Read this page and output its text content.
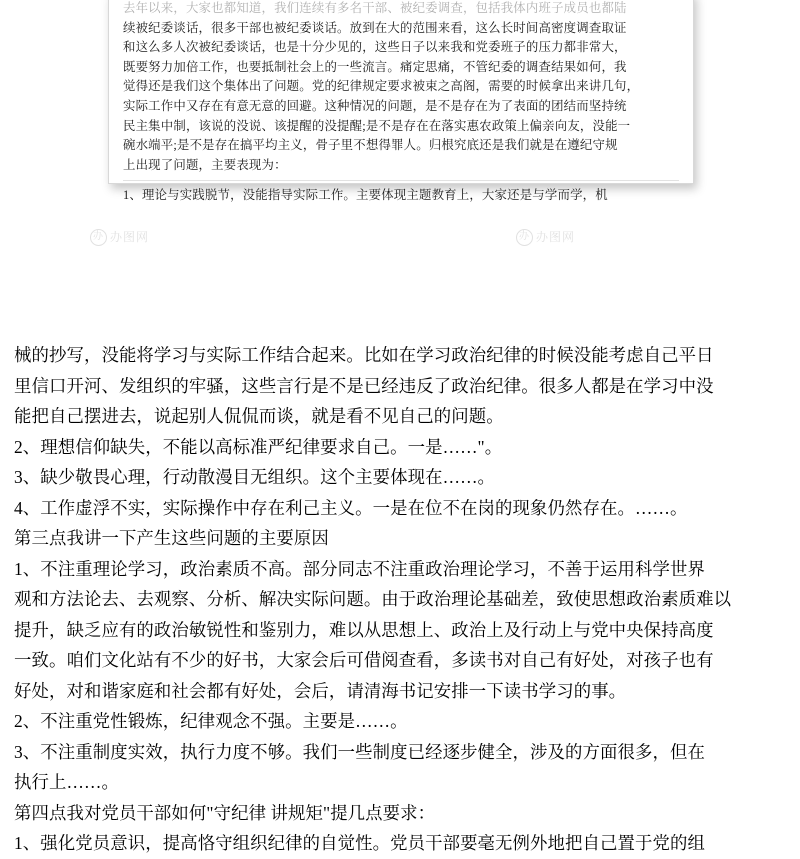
去年以来，大家也都知道，我们连续有多名干部、被纪委调查，包括我体内班子成员也都陆

续被纪委谈话，很多干部也被纪委谈话。放到在大的范围来看，这么长时间高密度调查取证

和这么多人次被纪委谈话，也是十分少见的，这些日子以来我和党委班子的压力都非常大，

既要努力加倍工作，也要抵制社会上的一些流言。痛定思痛，不管纪委的调查结果如何，我

觉得还是我们这个集体出了问题。党的纪律规定要求被束之高阁，需要的时候拿出来讲几句，

实际工作中又存在有意无意的回避。这种情况的问题，是不是存在为了表面的团结而坚持统

民主集中制，该说的没说、该提醒的没提醒;是不是存在在落实惠农政策上偏亲向友，没能一

碗水端平;是不是存在搞平均主义，骨子里不想得罪人。归根究底还是我们就是在遵纪守规

上出现了问题，主要表现为：

1、理论与实践脱节，没能指导实际工作。主要体现主题教育上，大家还是与学而学，机

办 办图网	办 办图网

械的抄写，没能将学习与实际工作结合起来。比如在学习政治纪律的时候没能考虑自己平日

里信口开河、发组织的牢骚，这些言行是不是已经违反了政治纪律。很多人都是在学习中没

能把自己摆进去，说起别人侃侃而谈，就是看不见自己的问题。

2、理想信仰缺失，不能以高标准严纪律要求自己。一是……"。

3、缺少敬畏心理，行动散漫目无组织。这个主要体现在……。

4、工作虚浮不实，实际操作中存在利己主义。一是在位不在岗的现象仍然存在。……。

第三点我讲一下产生这些问题的主要原因

1、不注重理论学习，政治素质不高。部分同志不注重政治理论学习，不善于运用科学世界

观和方法论去、去观察、分析、解决实际问题。由于政治理论基础差，致使思想政治素质难以

提升，缺乏应有的政治敏锐性和鉴别力，难以从思想上、政治上及行动上与党中央保持高度

一致。咱们文化站有不少的好书，大家会后可借阅查看，多读书对自己有好处，对孩子也有

好处，对和谐家庭和社会都有好处，会后，请清海书记安排一下读书学习的事。

2、不注重党性锻炼，纪律观念不强。主要是……。

3、不注重制度实效，执行力度不够。我们一些制度已经逐步健全，涉及的方面很多，但在

执行上……。

第四点我对党员干部如何"守纪律 讲规矩"提几点要求：

1、强化党员意识，提高恪守组织纪律的自觉性。党员干部要毫无例外地把自己置于党的组
